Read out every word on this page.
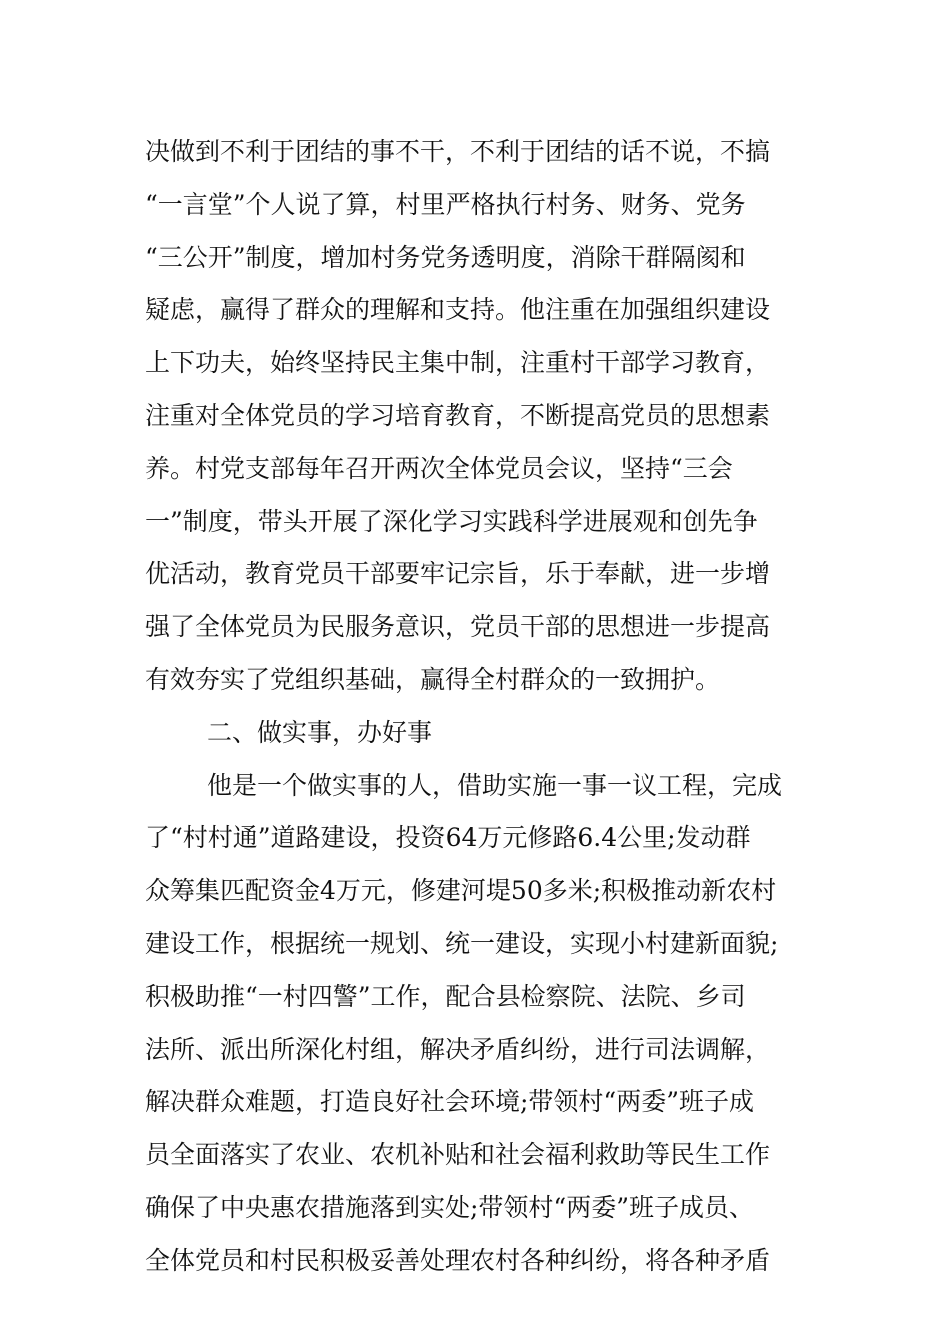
决做到不利于团结的事不干，不利于团结的话不说，不搞
“一言堂”个人说了算，村里严格执行村务、财务、党务
“三公开”制度，增加村务党务透明度，消除干群隔阂和
疑虑，赢得了群众的理解和支持。他注重在加强组织建设
上下功夫，始终坚持民主集中制，注重村干部学习教育，
注重对全体党员的学习培育教育，不断提高党员的思想素
养。村党支部每年召开两次全体党员会议，坚持“三会
一”制度，带头开展了深化学习实践科学进展观和创先争
优活动，教育党员干部要牢记宗旨，乐于奉献，进一步增
强了全体党员为民服务意识，党员干部的思想进一步提高
有效夯实了党组织基础，赢得全村群众的一致拥护。
二、做实事，办好事
他是一个做实事的人，借助实施一事一议工程，完成
了“村村通”道路建设，投资64万元修路6.4公里;发动群
众筹集匹配资金4万元，修建河堤50多米;积极推动新农村
建设工作，根据统一规划、统一建设，实现小村建新面貌;
积极助推“一村四警”工作，配合县检察院、法院、乡司
法所、派出所深化村组，解决矛盾纠纷，进行司法调解，
解决群众难题，打造良好社会环境;带领村“两委”班子成
员全面落实了农业、农机补贴和社会福利救助等民生工作
确保了中央惠农措施落到实处;带领村“两委”班子成员、
全体党员和村民积极妥善处理农村各种纠纷，将各种矛盾
